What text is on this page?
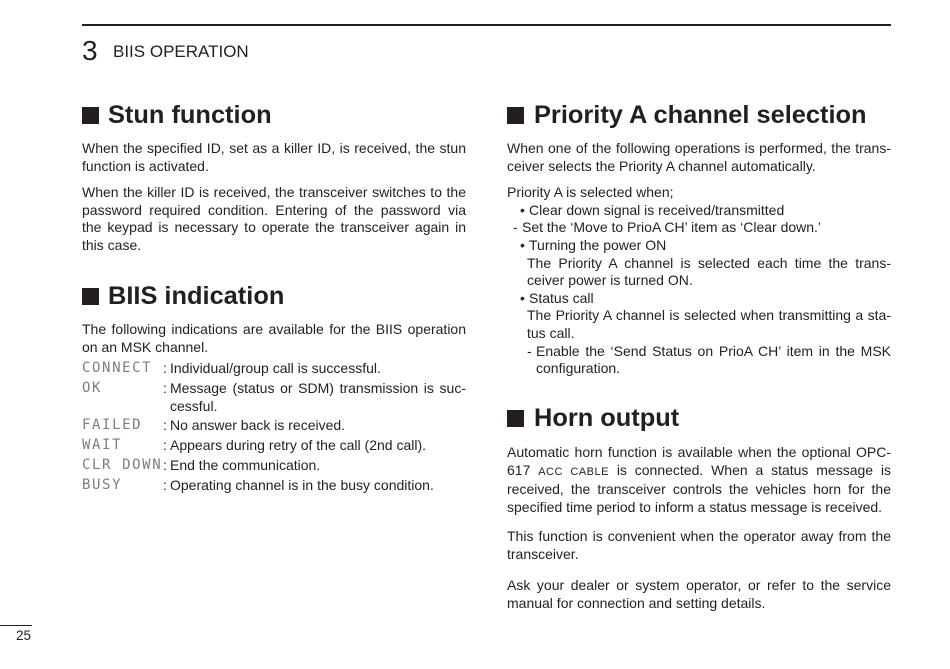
3 BIIS OPERATION
Stun function
When the specified ID, set as a killer ID, is received, the stun
function is activated.
When the killer ID is received, the transceiver switches to the
password required condition. Entering of the password via
the keypad is necessary to operate the transceiver again in
this case.
BIIS indication
The following indications are available for the BIIS operation
on an MSK channel.
CONNECT : Individual/group call is successful.
OK	: Message (status or SDM) transmission is suc-
cessful.
FAILED	: No answer back is received.
WAIT	: Appears during retry of the call (2nd call).
CLR DOWN : End the communication.
BUSY	: Operating channel is in the busy condition.
Priority A channel selection
When one of the following operations is performed, the trans-
ceiver selects the Priority A channel automatically.
Priority A is selected when;
• Clear down signal is received/transmitted
- Set the ‘Move to PrioA CH’ item as ‘Clear down.’
• Turning the power ON
The Priority A channel is selected each time the trans-
ceiver power is turned ON.
• Status call
The Priority A channel is selected when transmitting a sta-
tus call.
- Enable the ‘Send Status on PrioA CH’ item in the MSK
configuration.
Horn output
Automatic horn function is available when the optional OPC-
617 ACC CABLE is connected. When a status message is
received, the transceiver controls the vehicles horn for the
specified time period to inform a status message is received.
This function is convenient when the operator away from the
transceiver.
Ask your dealer or system operator, or refer to the service
manual for connection and setting details.
25
